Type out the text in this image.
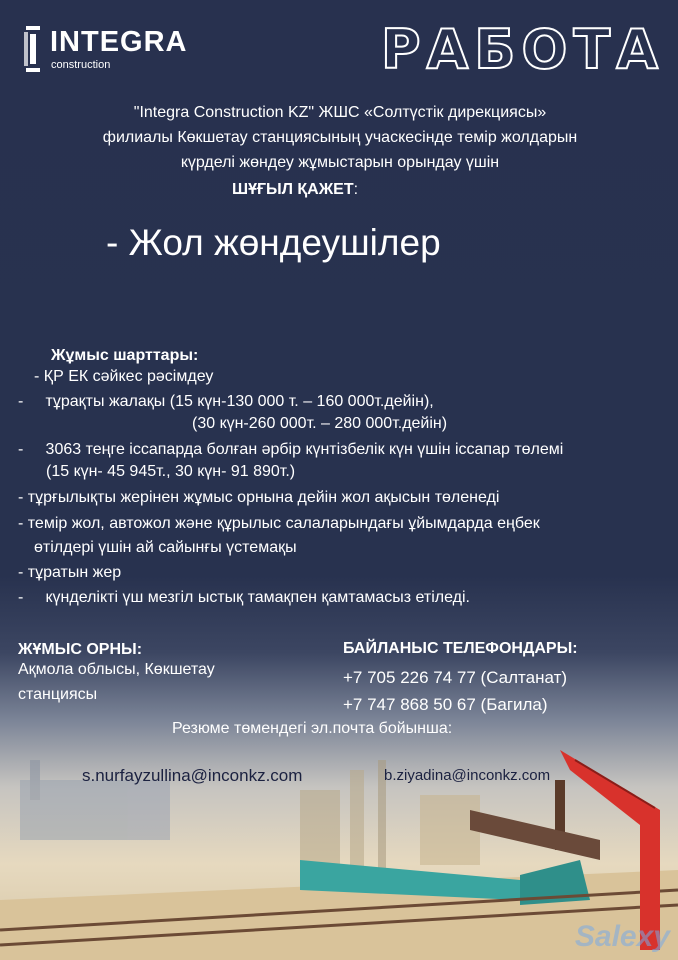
INTEGRA
construction	РАБОТА
"Integra Construction KZ" ЖШС «Солтүстік дирекциясы»
филиалы Көкшетау станциясының учаскесінде темір жолдарын
күрделі жөндеу жұмыстарын орындау үшін
ШҰҒЫЛ ҚАЖЕТ:
- Жол жөндеушілер
Жұмыс шарттары:
- ҚР ЕК сәйкес рәсімдеу
-     тұрақты жалақы (15 күн-130 000 т. – 160 000т.дейін),
(30 күн-260 000т. – 280 000т.дейін)
-     3063 теңге іссапарда болған әрбір күнтізбелік күн үшін іссапар төлемі
(15 күн- 45 945т., 30 күн- 91 890т.)
- тұрғылықты жерінен жұмыс орнына дейін жол ақысын төленеді
- темір жол, автожол және құрылыс салаларындағы ұйымдарда еңбек
өтілдері үшін ай сайынғы үстемақы
- тұратын жер
-     күнделікті үш мезгіл ыстық тамақпен қамтамасыз етіледі.
ЖҰМЫС ОРНЫ:
Ақмола облысы, Көкшетау
станциясы
БАЙЛАНЫС ТЕЛЕФОНДАРЫ:
+7 705 226 74 77 (Салтанат)
+7 747 868 50 67 (Багила)
Резюме төмендегі эл.почта бойынша:
s.nurfayzullina@inconkz.com	b.ziyadina@inconkz.com
Salexy
